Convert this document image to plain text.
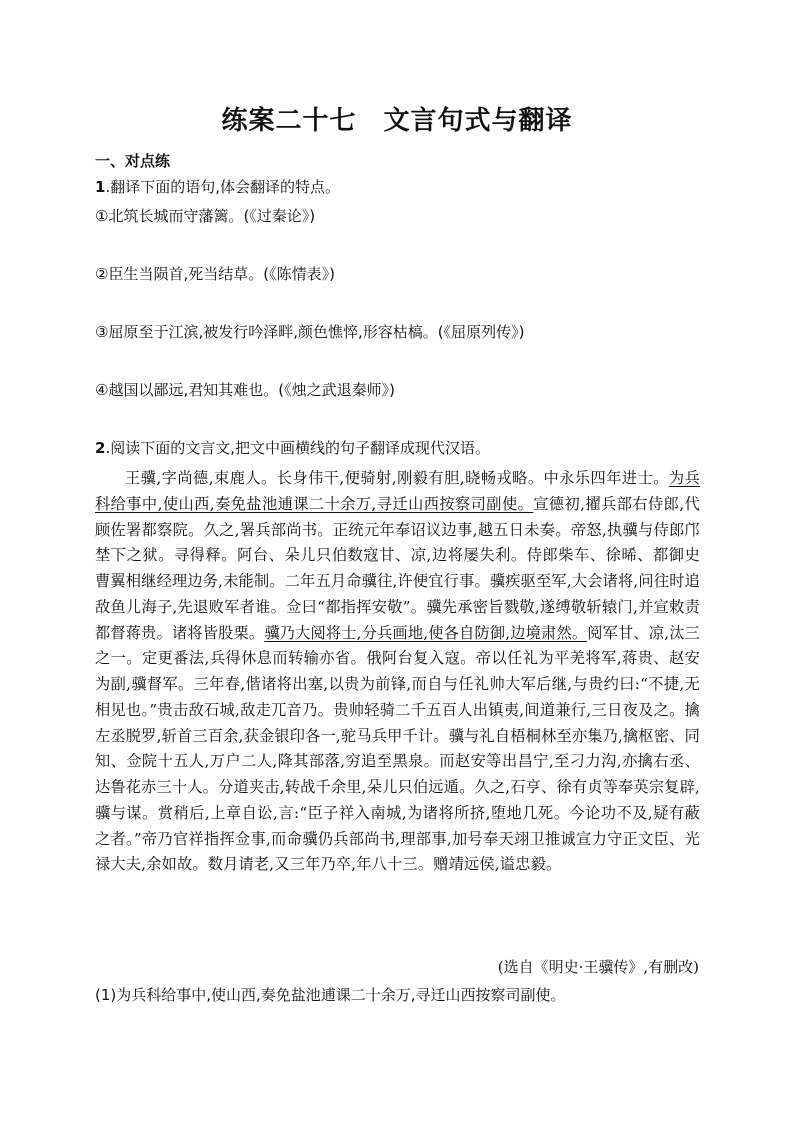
练案二十七　文言句式与翻译
一、对点练
1.翻译下面的语句,体会翻译的特点。
①北筑长城而守藩篱。(《过秦论》)
②臣生当陨首,死当结草。(《陈情表》)
③屈原至于江滨,被发行吟泽畔,颜色憔悴,形容枯槁。(《屈原列传》)
④越国以鄙远,君知其难也。(《烛之武退秦师》)
2.阅读下面的文言文,把文中画横线的句子翻译成现代汉语。
王骥,字尚德,束鹿人。长身伟干,便骑射,刚毅有胆,晓畅戎略。中永乐四年进士。为兵科给事中,使山西,奏免盐池逋课二十余万,寻迁山西按察司副使。宣德初,擢兵部右侍郎,代顾佐署都察院。久之,署兵部尚书。正统元年奉诏议边事,越五日未奏。帝怒,执骥与侍郎邝埜下之狱。寻得释。阿台、朵儿只伯数寇甘、凉,边将屡失利。侍郎柴车、徐晞、都御史曹翼相继经理边务,未能制。二年五月命骥往,许便宜行事。骥疾驱至军,大会诸将,问往时追敌鱼儿海子,先退败军者谁。佥曰“都指挥安敬”。骥先承密旨戮敬,遂缚敬斩辕门,并宣敕责都督蒋贵。诸将皆股栗。骥乃大阅将士,分兵画地,使各自防御,边境肃然。阅军甘、凉,汰三之一。定更番法,兵得休息而转输亦省。俄阿台复入寇。帝以任礼为平羌将军,蒋贵、赵安为副,骥督军。三年春,偕诸将出塞,以贵为前锋,而自与任礼帅大军后继,与贵约曰:“不捷,无相见也。”贵击敌石城,敌走兀音乃。贵帅轻骑二千五百人出镇夷,间道兼行,三日夜及之。擒左丞脱罗,斩首三百余,获金银印各一,驼马兵甲千计。骥与礼自梧桐林至亦集乃,擒枢密、同知、佥院十五人,万户二人,降其部落,穷追至黑泉。而赵安等出昌宁,至刁力沟,亦擒右丞、达鲁花赤三十人。分道夹击,转战千余里,朵儿只伯远遁。久之,石亨、徐有贞等奉英宗复辟,骥与谋。赏稍后,上章自讼,言:“臣子祥入南城,为诸将所挤,堕地几死。今论功不及,疑有蔽之者。”帝乃官祥指挥佥事,而命骥仍兵部尚书,理部事,加号奉天翊卫推诚宣力守正文臣、光禄大夫,余如故。数月请老,又三年乃卒,年八十三。赠靖远侯,谥忠毅。
(选自《明史·王骥传》,有删改)
(1)为兵科给事中,使山西,奏免盐池逋课二十余万,寻迁山西按察司副使。
